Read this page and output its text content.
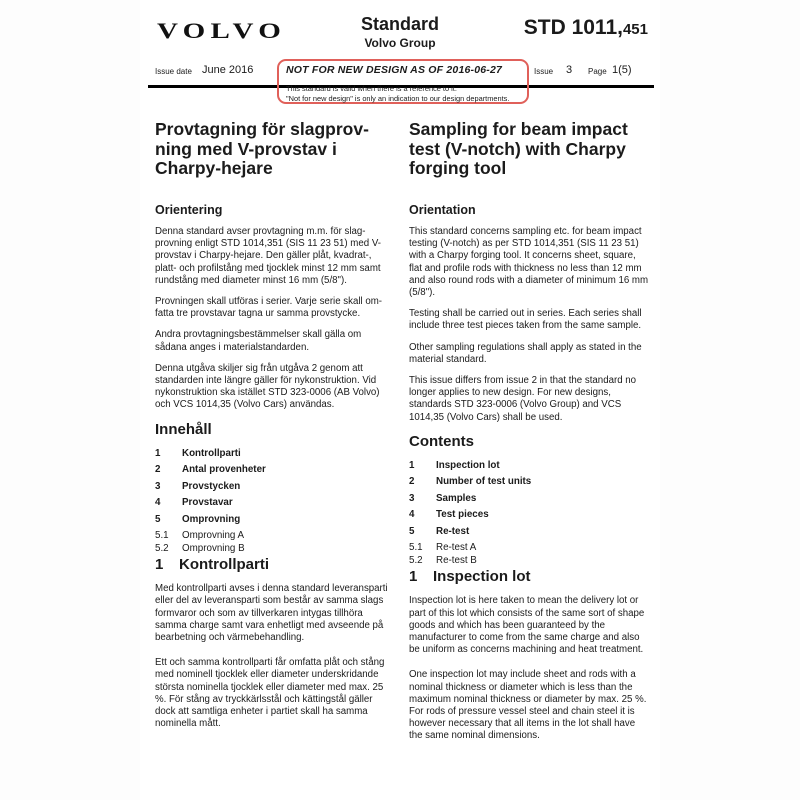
VOLVO	Standard
Volvo Group
STD 1011,451
Issue date June 2016	NOT FOR NEW DESIGN AS OF 2016-06-27
This standard is valid when there is a reference to it.
"Not for new design" is only an indication to our design departments.
Issue 3 Page 1(5)
Provtagning för slagprov-
ning med V-provstav i
Charpy-hejare
Orientering

Denna standard avser provtagning m.m. för slag-provning enligt STD 1014,351 (SIS 11 23 51) med V-provstav i Charpy-hejare. Den gäller plåt, kvadrat-, platt- och profilstång med tjocklek minst 12 mm samt rundstång med diameter minst 16 mm (5/8").

Provningen skall utföras i serier. Varje serie skall om-fatta tre provstavar tagna ur samma provstycke.

Andra provtagningsbestämmelser skall gälla om sådana anges i materialstandarden.

Denna utgåva skiljer sig från utgåva 2 genom att standarden inte längre gäller för nykonstruktion. Vid nykonstruktion ska istället STD 323-0006 (AB Volvo) och VCS 1014,35 (Volvo Cars) användas.

Innehåll
1	Kontrollparti
2	Antal provenheter
3	Provstycken
4	Provstavar
5	Omprovning
5.1	Omprovning A
5.2	Omprovning B
1	Kontrollparti

Med kontrollparti avses i denna standard leveransparti eller del av leveransparti som består av samma slags formvaror och som av tillverkaren intygas tillhöra samma charge samt vara enhetligt med avseende på bearbetning och värmebehandling.

Ett och samma kontrollparti får omfatta plåt och stång med nominell tjocklek eller diameter underskridande största nominella tjocklek eller diameter med max. 25 %. För stång av tryckkärlsstål och kättingstål gäller dock att samtliga enheter i partiet skall ha samma nominella mått.

Sampling for beam impact
test (V-notch) with Charpy
forging tool
Orientation

This standard concerns sampling etc. for beam impact testing (V-notch) as per STD 1014,351 (SIS 11 23 51) with a Charpy forging tool. It concerns sheet, square, flat and profile rods with thickness no less than 12 mm and also round rods with a diameter of minimum 16 mm (5/8").

Testing shall be carried out in series. Each series shall include three test pieces taken from the same sample.

Other sampling regulations shall apply as stated in the material standard.

This issue differs from issue 2 in that the standard no longer applies to new design. For new designs, standards STD 323-0006 (Volvo Group) and VCS 1014,35 (Volvo Cars) shall be used.

Contents
1	Inspection lot
2	Number of test units
3	Samples
4	Test pieces
5	Re-test
5.1	Re-test A
5.2	Re-test B
1	Inspection lot

Inspection lot is here taken to mean the delivery lot or part of this lot which consists of the same sort of shape goods and which has been guaranteed by the manufacturer to come from the same charge and also be uniform as concerns machining and heat treatment.

One inspection lot may include sheet and rods with a nominal thickness or diameter which is less than the maximum nominal thickness or diameter by max. 25 %. For rods of pressure vessel steel and chain steel it is however necessary that all items in the lot shall have the same nominal dimensions.
